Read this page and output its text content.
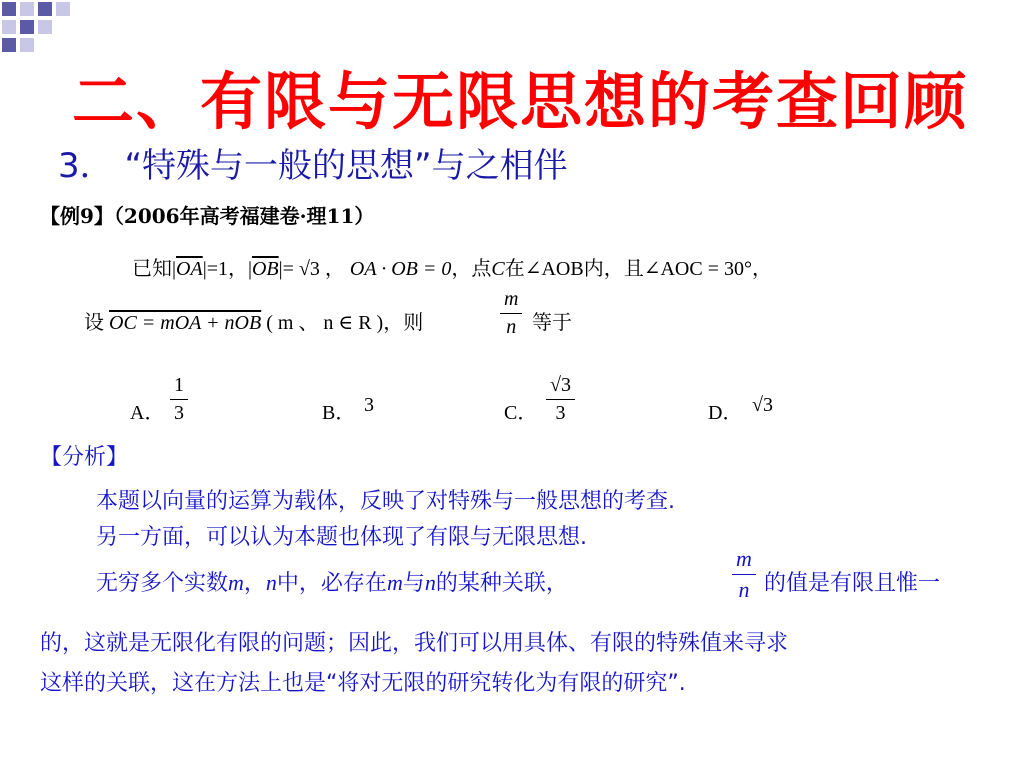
二、有限与无限思想的考查回顾
3． “特殊与一般的思想”与之相伴
【例9】（2006年高考福建卷·理11）
已知$|\overline{OA}|=1$，$|\overline{OB}|= √3$ ， OA · OB = 0，点C在∠AOB内，且∠AOC = 30°，
设 OC = mOA + nOB ( m 、 n ∈ R )，则
m
n 等于
A．
1
3	B． 3	C．
√3
3	D． √3
【分析】
本题以向量的运算为载体，反映了对特殊与一般思想的考查.
另一方面，可以认为本题也体现了有限与无限思想.
无穷多个实数m，n中，必存在m与n的某种关联，
m
n 的值是有限且惟一
的，这就是无限化有限的问题；因此，我们可以用具体、有限的特殊值来寻求
这样的关联，这在方法上也是“将对无限的研究转化为有限的研究”.
